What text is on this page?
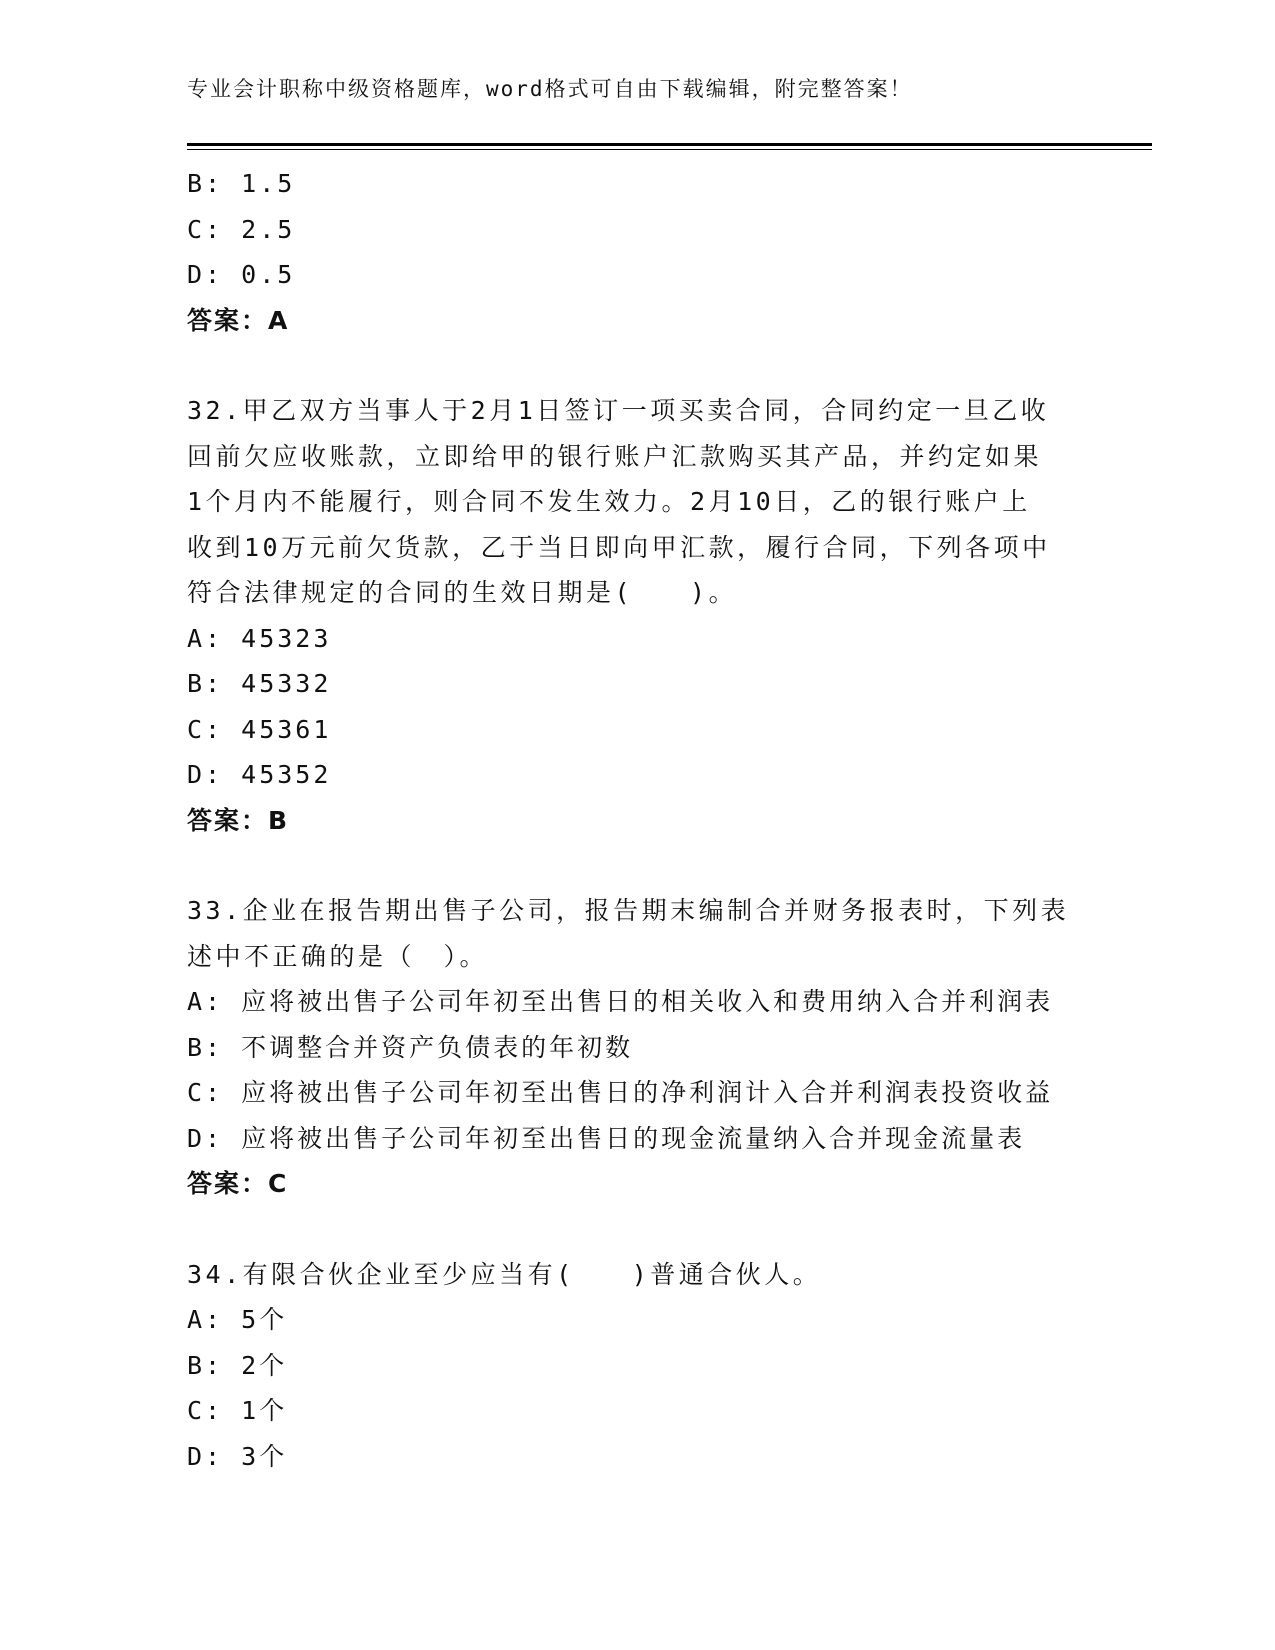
专业会计职称中级资格题库，word格式可自由下载编辑，附完整答案！
B: 1.5
C: 2.5
D: 0.5
答案：A
32.甲乙双方当事人于2月1日签订一项买卖合同，合同约定一旦乙收
回前欠应收账款，立即给甲的银行账户汇款购买其产品，并约定如果
1个月内不能履行，则合同不发生效力。2月10日，乙的银行账户上
收到10万元前欠货款，乙于当日即向甲汇款，履行合同，下列各项中
符合法律规定的合同的生效日期是(　　)。
A: 45323
B: 45332
C: 45361
D: 45352
答案：B
33.企业在报告期出售子公司，报告期末编制合并财务报表时，下列表
述中不正确的是（　）。
A: 应将被出售子公司年初至出售日的相关收入和费用纳入合并利润表
B: 不调整合并资产负债表的年初数
C: 应将被出售子公司年初至出售日的净利润计入合并利润表投资收益
D: 应将被出售子公司年初至出售日的现金流量纳入合并现金流量表
答案：C
34.有限合伙企业至少应当有(　　)普通合伙人。
A: 5个
B: 2个
C: 1个
D: 3个
